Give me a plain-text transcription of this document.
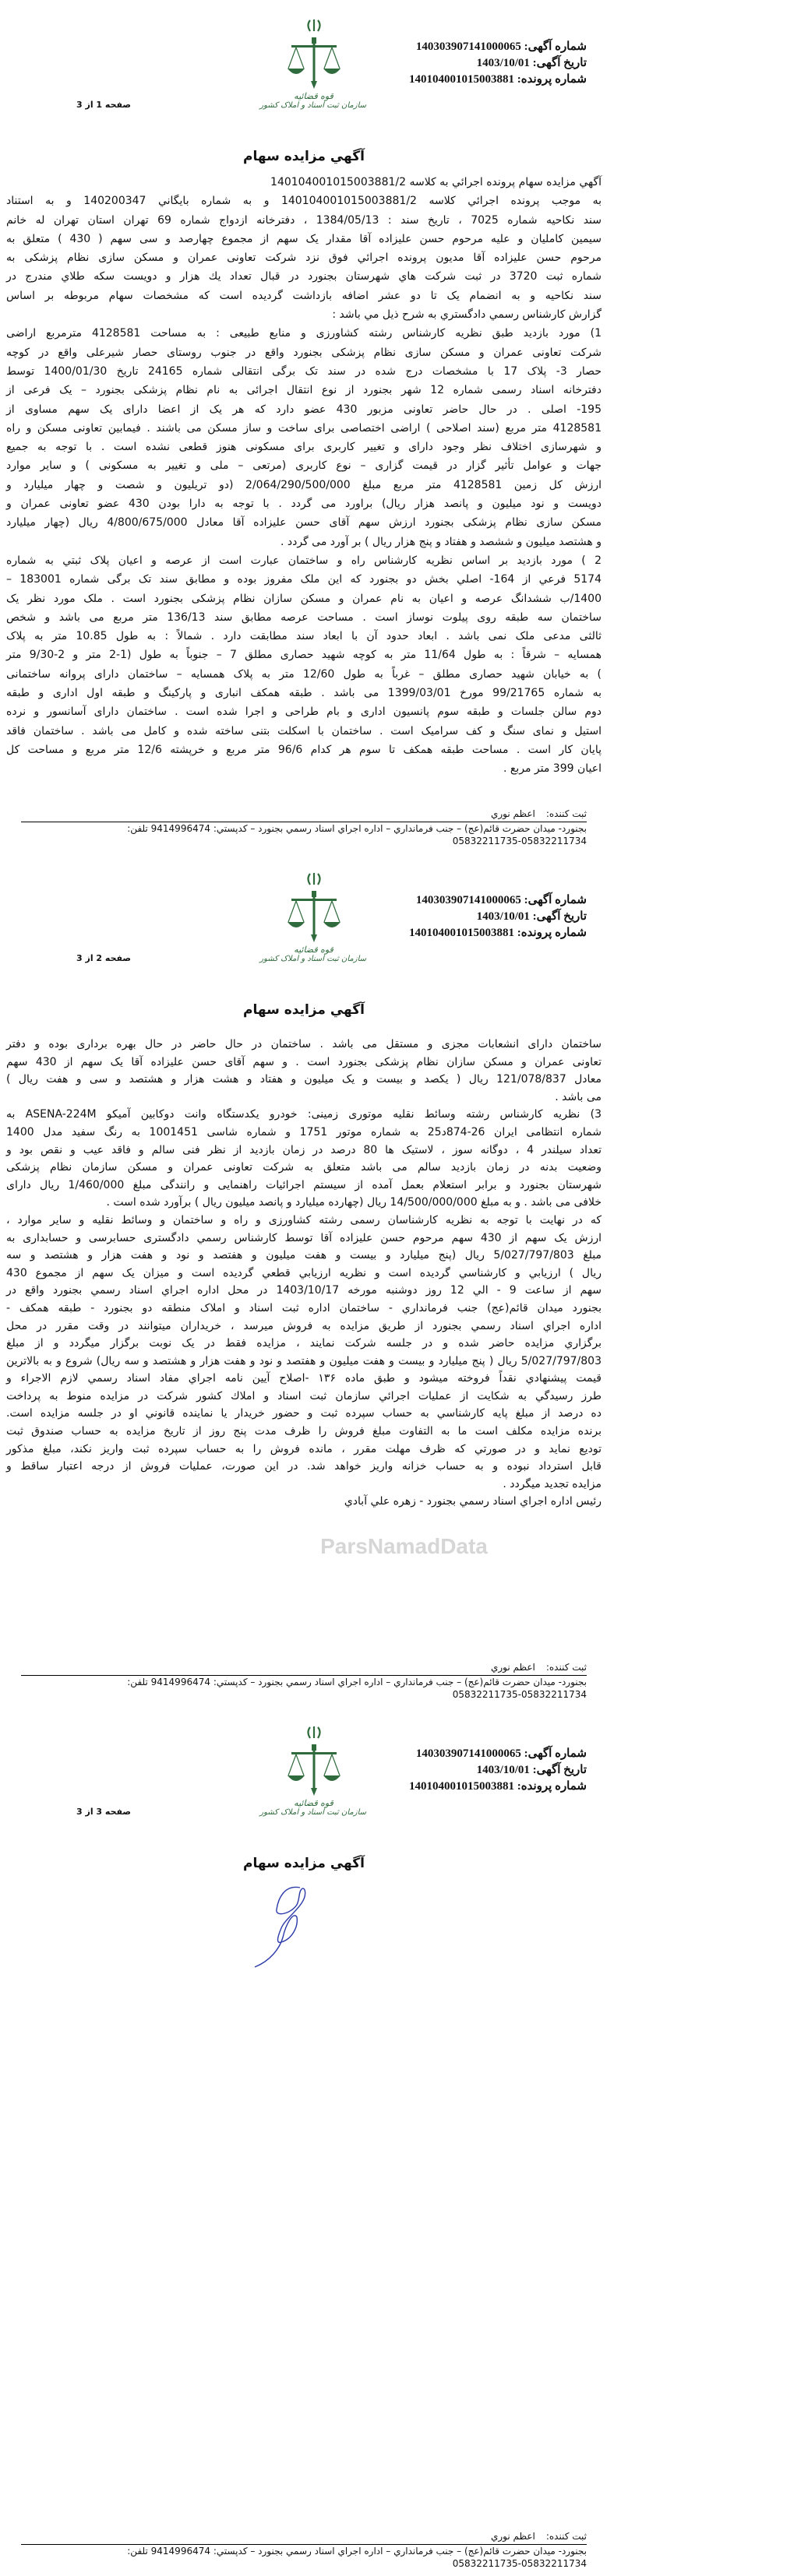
شماره آگهی: 140303907141000065
تاریخ آگهی: 1403/10/01
شماره پرونده: 140104001015003881
قوه قضائیه
سازمان ثبت اسناد و املاک کشور
صفحه 1 از 3
آگهي مزايده سهام
آگهي مزايده سهام پرونده اجرائي به كلاسه 140104001015003881/2
به موجب پرونده اجرائي كلاسه 140104001015003881/2 و به شماره بايگاني 140200347 و به استناد
سند نكاحيه شماره 7025 ، تاريخ سند : 1384/05/13 ، دفترخانه ازدواج شماره 69 تهران استان تهران له خانم
سيمين كامليان و عليه مرحوم حسن عليزاده آقا مقدار يک سهم از مجموع چهارصد و سی سهم ( 430 ) متعلق به
مرحوم حسن عليزاده آقا مديون پرونده اجرائي فوق نزد شرکت تعاونی عمران و مسکن سازی نظام پزشکی به
شماره ثبت 3720 در ثبت شركت هاي شهرستان بجنورد در قبال تعداد يك هزار و دويست سكه طلاي مندرج در
سند نكاحيه و به انضمام يک تا دو عشر اضافه بازداشت گرديده است كه مشخصات سهام مربوطه بر اساس
گزارش كارشناس رسمي دادگستري به شرح ذيل مي باشد :
1) مورد بازدید طبق نظریه کارشناس رشته کشاورزی و منابع طبیعی : به مساحت 4128581 مترمربع اراضی
شرکت تعاونی عمران و مسکن سازی نظام پزشکی بجنورد واقع در جنوب روستای حصار شیرعلی واقع در کوچه
حصار 3- پلاک 17 با مشخصات درج شده در سند تک برگی انتقالی شماره 24165 تاریخ 1400/01/30 توسط
دفترخانه اسناد رسمی شماره 12 شهر بجنورد از نوع انتقال اجرائی به نام نظام پزشکی بجنورد – یک فرعی از
195- اصلی . در حال حاضر تعاونی مزبور 430 عضو دارد که هر یک از اعضا دارای یک سهم مساوی از
4128581 متر مربع (سند اصلاحی ) اراضی اختصاصی برای ساخت و ساز مسکن می باشند . فیمابین تعاونی مسکن و راه
و شهرسازی اختلاف نظر وجود دارای و تغییر کاربری برای مسکونی هنوز قطعی نشده است . با توجه به جمیع
جهات و عوامل تأثیر گزار در قیمت گزاری – نوع کاربری (مرتعی – ملی و تغییر به مسکونی ) و سایر موارد
ارزش کل زمین 4128581 متر مربع مبلغ 2/064/290/500/000 (دو تریلیون و شصت و چهار میلیارد و
دویست و نود میلیون و پانصد هزار ریال) براورد می گردد . با توجه به دارا بودن 430 عضو تعاونی عمران و
مسکن سازی نظام پزشکی بجنورد ارزش سهم آقای حسن علیزاده آقا معادل 4/800/675/000 ریال (چهار میلیارد
و هشتصد میلیون و ششصد و هفتاد و پنج هزار ریال ) بر آورد می گردد .
2 ) مورد بازدید بر اساس نظریه کارشناس راه و ساختمان عبارت است از عرصه و اعیان پلاک ثبتي به شماره
5174 فرعي از 164- اصلي بخش دو بجنورد که این ملک مفروز بوده و مطابق سند تک برگی شماره 183001 –
1400/ب ششدانگ عرصه و اعیان به نام عمران و مسکن سازان نظام پزشکی بجنورد است . ملک مورد نظر یک
ساختمان سه طبقه روی پیلوت نوساز است . مساحت عرصه مطابق سند 136/13 متر مربع می باشد و شخص
ثالثی مدعی ملک نمی باشد . ابعاد حدود آن با ابعاد سند مطابقت دارد . شمالاً : به طول 10.85 متر به پلاک
همسایه – شرقاً : به طول 11/64 متر به کوچه شهید حصاری مطلق 7 – جنوباً به طول (1-2 متر و 2-9/30 متر
) به خیابان شهید حصاری مطلق – غرباً به طول 12/60 متر به پلاک همسایه – ساختمان دارای پروانه ساختمانی
به شماره 99/21765 مورخ 1399/03/01 می باشد . طبقه همکف انباری و پارکینگ و طبقه اول اداری و طبقه
دوم سالن جلسات و طبقه سوم پانسیون اداری و بام طراحی و اجرا شده است . ساختمان دارای آسانسور و نرده
استیل و نمای سنگ و کف سرامیک است . ساختمان با اسکلت بتنی ساخته شده و کامل می باشد . ساختمان فاقد
پایان کار است . مساحت طبقه همکف تا سوم هر کدام 96/6 متر مربع و خرپشته 12/6 متر مربع و مساحت کل
اعیان 399 متر مربع .
ثبت كننده:اعظم نوري
بجنورد- ميدان حضرت قائم(عج) – جنب فرمانداري – اداره اجراي اسناد رسمي بجنورد – كدپستي: 9414996474 تلفن:
05832211735-05832211734
شماره آگهی: 140303907141000065
تاریخ آگهی: 1403/10/01
شماره پرونده: 140104001015003881
قوه قضائیه
سازمان ثبت اسناد و املاک کشور
صفحه 2 از 3
آگهي مزايده سهام
ساختمان دارای انشعابات مجزی و مستقل می باشد . ساختمان در حال حاضر در حال بهره برداری بوده و دفتر
تعاونی عمران و مسکن سازان نظام پزشکی بجنورد است . و سهم آقای حسن علیزاده آقا یک سهم از 430 سهم
معادل 121/078/837 ریال ( یکصد و بیست و یک میلیون و هفتاد و هشت هزار و هشتصد و سی و هفت ریال )
می باشد .
3) نظریه کارشناس رشته وسائط نقلیه موتوری زمینی: خودرو یکدستگاه وانت دوکابین آمیکو ASENA-224M به
شماره انتظامی ایران 26-874د25 به شماره موتور 1751 و شماره شاسی 1001451 به رنگ سفید مدل 1400
تعداد سیلندر 4 ، دوگانه سوز ، لاستیک ها 80 درصد در زمان بازدید از نظر فنی سالم و فاقد عیب و نقص بود و
وضعیت بدنه در زمان بازدید سالم می باشد متعلق به شرکت تعاونی عمران و مسکن سازمان نظام پزشکی
شهرستان بجنورد و برابر استعلام بعمل آمده از سیستم اجرائیات راهنمایی و رانندگی مبلغ 1/460/000 ریال دارای
خلافی می باشد . و به مبلغ 14/500/000/000 ریال (چهارده میلیارد و پانصد میلیون ریال ) برآورد شده است .
که در نهایت با توجه به نظریه کارشناسان رسمی رشته کشاورزی و راه و ساختمان و وسائط نقلیه و سایر موارد ،
ارزش یک سهم از 430 سهم مرحوم حسن علیزاده آقا توسط کارشناس رسمي دادگستری حسابرسی و حسابداری به
مبلغ 5/027/797/803 ریال (پنج میلیارد و بیست و هفت میلیون و هفتصد و نود و هفت هزار و هشتصد و سه
ریال ) ارزيابي و كارشناسي گرديده است و نظريه ارزيابي قطعي گرديده است و ميزان يک سهم از مجموع 430
سهم از ساعت 9 - الي 12 روز دوشنبه مورخه 1403/10/17 در محل اداره اجراي اسناد رسمي بجنورد واقع در
بجنورد ميدان قائم(عج) جنب فرمانداري - ساختمان اداره ثبت اسناد و املاک منطقه دو بجنورد - طبقه همکف -
اداره اجراي اسناد رسمي بجنورد از طريق مزايده به فروش ميرسد ، خريداران ميتوانند در وقت مقرر در محل
برگزاري مزايده حاضر شده و در جلسه شركت نمايند ، مزايده فقط در يک نوبت برگزار ميگردد و از مبلغ
5/027/797/803 ریال ( پنج میلیارد و بیست و هفت میلیون و هفتصد و نود و هفت هزار و هشتصد و سه ریال) شروع و به بالاترين
قيمت پيشنهادي نقداً فروخته ميشود و طبق ماده ۱۳۶ -اصلاح آيين نامه اجراي مفاد اسناد رسمي لازم الاجراء و
طرز رسيدگي به شكايت از عمليات اجرائي سازمان ثبت اسناد و املاك كشور شركت در مزايده منوط به پرداخت
ده درصد از مبلغ پايه كارشناسي به حساب سپرده ثبت و حضور خريدار يا نماينده قانوني او در جلسه مزايده است.
برنده مزايده مكلف است ما به التفاوت مبلغ فروش را ظرف مدت پنج روز از تاريخ مزايده به حساب صندوق ثبت
توديع نمايد و در صورتي كه ظرف مهلت مقرر ، مانده فروش را به حساب سپرده ثبت واريز نكند، مبلغ مذكور
قابل استرداد نبوده و به حساب خزانه واريز خواهد شد. در اين صورت، عمليات فروش از درجه اعتبار ساقط و
مزايده تجديد ميگردد .
رئيس اداره اجراي اسناد رسمي بجنورد - زهره علي آبادي
ParsNamadData
ثبت كننده:اعظم نوري
بجنورد- ميدان حضرت قائم(عج) – جنب فرمانداري – اداره اجراي اسناد رسمي بجنورد – كدپستي: 9414996474 تلفن:
05832211735-05832211734
شماره آگهی: 140303907141000065
تاریخ آگهی: 1403/10/01
شماره پرونده: 140104001015003881
قوه قضائیه
سازمان ثبت اسناد و املاک کشور
صفحه 3 از 3
آگهي مزايده سهام
ثبت كننده:اعظم نوري
بجنورد- ميدان حضرت قائم(عج) – جنب فرمانداري – اداره اجراي اسناد رسمي بجنورد – كدپستي: 9414996474 تلفن:
05832211735-05832211734
